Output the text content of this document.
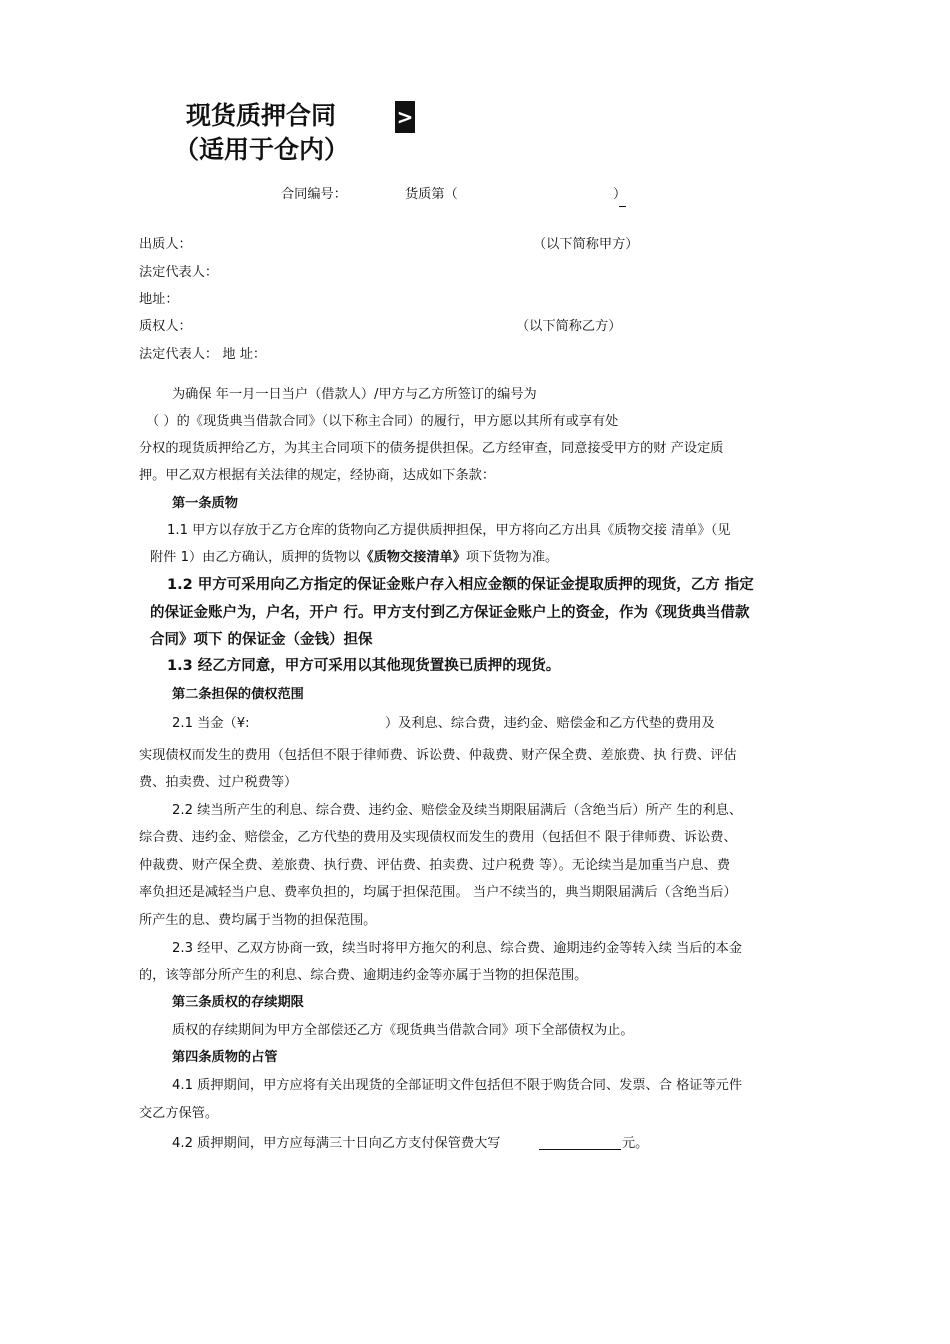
现货质押合同	>
（适用于仓内）
合同编号：	货质第（	）
出质人：	（以下简称甲方）
法定代表人：
地址：
质权人：	（以下简称乙方）
法定代表人： 地 址：
为确保 年一月一日当户（借款人）/甲方与乙方所签订的编号为
（ ）的《现货典当借款合同》（以下称主合同）的履行，甲方愿以其所有或享有处
分权的现货质押给乙方，为其主合同项下的债务提供担保。乙方经审查，同意接受甲方的财 产设定质
押。甲乙双方根据有关法律的规定，经协商，达成如下条款：
第一条质物
1.1 甲方以存放于乙方仓库的货物向乙方提供质押担保，甲方将向乙方出具《质物交接 清单》（见
附件 1）由乙方确认，质押的货物以《质物交接清单》项下货物为准。
1.2 甲方可采用向乙方指定的保证金账户存入相应金额的保证金提取质押的现货，乙方 指定
的保证金账户为，户名，开户 行。甲方支付到乙方保证金账户上的资金，作为《现货典当借款
合同》项下 的保证金（金钱）担保
1.3 经乙方同意，甲方可采用以其他现货置换已质押的现货。
第二条担保的债权范围
2.1 当金（¥:	）及利息、综合费，违约金、赔偿金和乙方代垫的费用及
实现债权而发生的费用（包括但不限于律师费、诉讼费、仲裁费、财产保全费、差旅费、执 行费、评估
费、拍卖费、过户税费等）
2.2 续当所产生的利息、综合费、违约金、赔偿金及续当期限届满后（含绝当后）所产 生的利息、
综合费、违约金、赔偿金，乙方代垫的费用及实现债权而发生的费用（包括但不 限于律师费、诉讼费、
仲裁费、财产保全费、差旅费、执行费、评估费、拍卖费、过户税费 等）。无论续当是加重当户息、费
率负担还是减轻当户息、费率负担的，均属于担保范围。 当户不续当的，典当期限届满后（含绝当后）
所产生的息、费均属于当物的担保范围。
2.3 经甲、乙双方协商一致，续当时将甲方拖欠的利息、综合费、逾期违约金等转入续 当后的本金
的，该等部分所产生的利息、综合费、逾期违约金等亦属于当物的担保范围。
第三条质权的存续期限
质权的存续期间为甲方全部偿还乙方《现货典当借款合同》项下全部债权为止。
第四条质物的占管
4.1 质押期间，甲方应将有关出现货的全部证明文件包括但不限于购货合同、发票、合 格证等元件
交乙方保管。
4.2 质押期间，甲方应每满三十日向乙方支付保管费大写	元。
